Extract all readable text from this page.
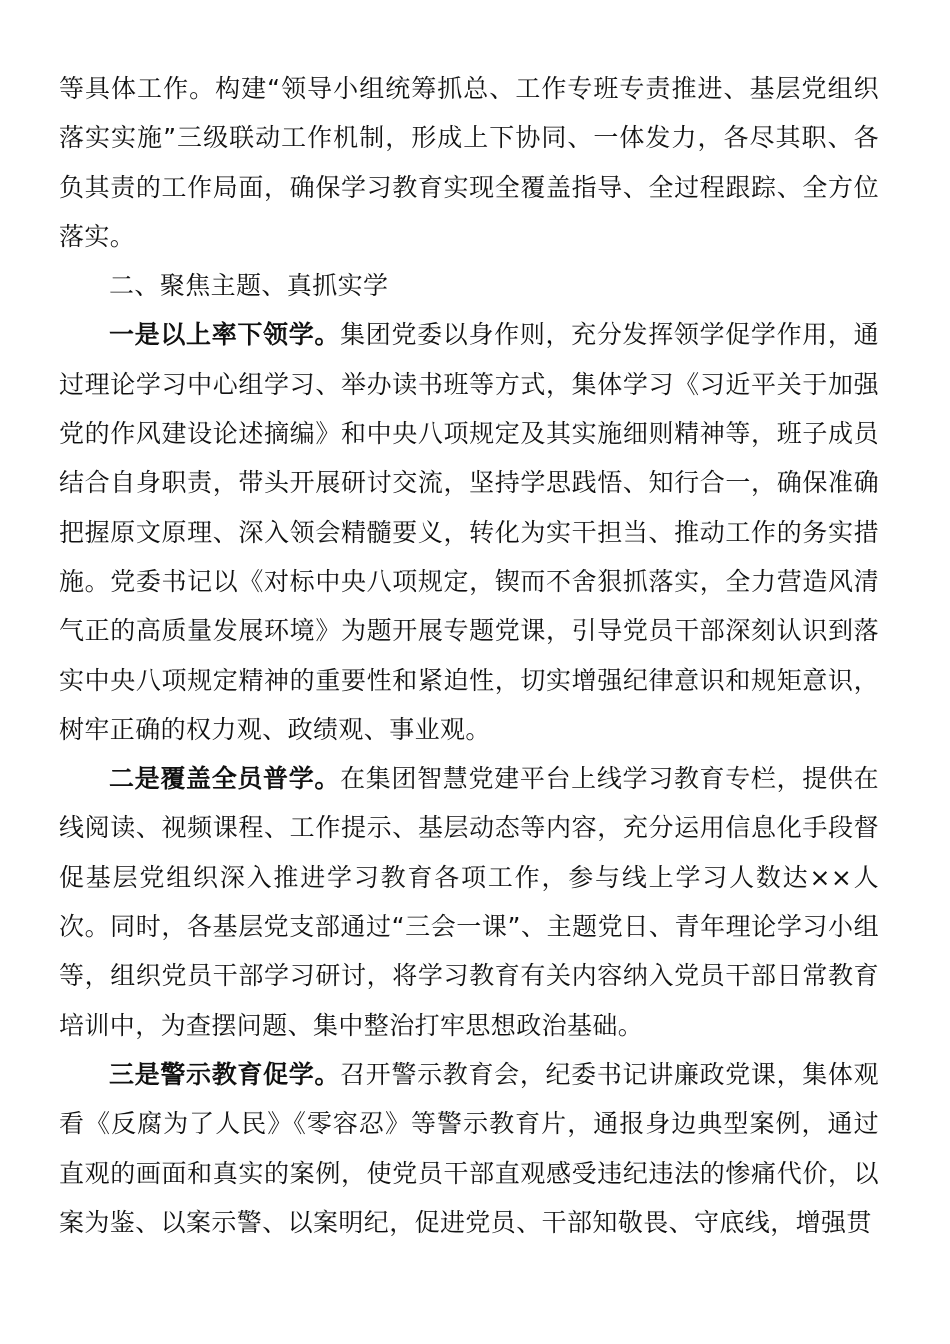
等具体工作。构建“领导小组统筹抓总、工作专班专责推进、基层党组织落实实施”三级联动工作机制，形成上下协同、一体发力，各尽其职、各负其责的工作局面，确保学习教育实现全覆盖指导、全过程跟踪、全方位落实。

二、聚焦主题、真抓实学

一是以上率下领学。集团党委以身作则，充分发挥领学促学作用，通过理论学习中心组学习、举办读书班等方式，集体学习《习近平关于加强党的作风建设论述摘编》和中央八项规定及其实施细则精神等，班子成员结合自身职责，带头开展研讨交流，坚持学思践悟、知行合一，确保准确把握原文原理、深入领会精髓要义，转化为实干担当、推动工作的务实措施。党委书记以《对标中央八项规定，锲而不舍狠抓落实，全力营造风清气正的高质量发展环境》为题开展专题党课，引导党员干部深刻认识到落实中央八项规定精神的重要性和紧迫性，切实增强纪律意识和规矩意识，树牢正确的权力观、政绩观、事业观。

二是覆盖全员普学。在集团智慧党建平台上线学习教育专栏，提供在线阅读、视频课程、工作提示、基层动态等内容，充分运用信息化手段督促基层党组织深入推进学习教育各项工作，参与线上学习人数达××人次。同时，各基层党支部通过“三会一课”、主题党日、青年理论学习小组等，组织党员干部学习研讨，将学习教育有关内容纳入党员干部日常教育培训中，为查摆问题、集中整治打牢思想政治基础。

三是警示教育促学。召开警示教育会，纪委书记讲廉政党课，集体观看《反腐为了人民》《零容忍》等警示教育片，通报身边典型案例，通过直观的画面和真实的案例，使党员干部直观感受违纪违法的惨痛代价，以案为鉴、以案示警、以案明纪，促进党员、干部知敬畏、守底线，增强贯
